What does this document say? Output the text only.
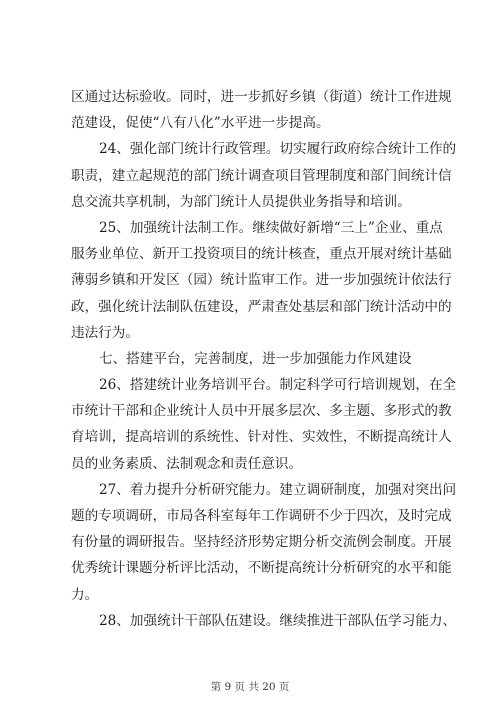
区通过达标验收。同时，进一步抓好乡镇（街道）统计工作进规
范建设，促使“八有八化”水平进一步提高。
24、强化部门统计行政管理。切实履行政府综合统计工作的
职责，建立起规范的部门统计调查项目管理制度和部门间统计信
息交流共享机制，为部门统计人员提供业务指导和培训。
25、加强统计法制工作。继续做好新增“三上”企业、重点
服务业单位、新开工投资项目的统计核查，重点开展对统计基础
薄弱乡镇和开发区（园）统计监审工作。进一步加强统计依法行
政，强化统计法制队伍建设，严肃查处基层和部门统计活动中的
违法行为。
七、搭建平台，完善制度，进一步加强能力作风建设
26、搭建统计业务培训平台。制定科学可行培训规划，在全
市统计干部和企业统计人员中开展多层次、多主题、多形式的教
育培训，提高培训的系统性、针对性、实效性，不断提高统计人
员的业务素质、法制观念和责任意识。
27、着力提升分析研究能力。建立调研制度，加强对突出问
题的专项调研，市局各科室每年工作调研不少于四次，及时完成
有份量的调研报告。坚持经济形势定期分析交流例会制度。开展
优秀统计课题分析评比活动，不断提高统计分析研究的水平和能
力。
28、加强统计干部队伍建设。继续推进干部队伍学习能力、
第 9 页 共 20 页
